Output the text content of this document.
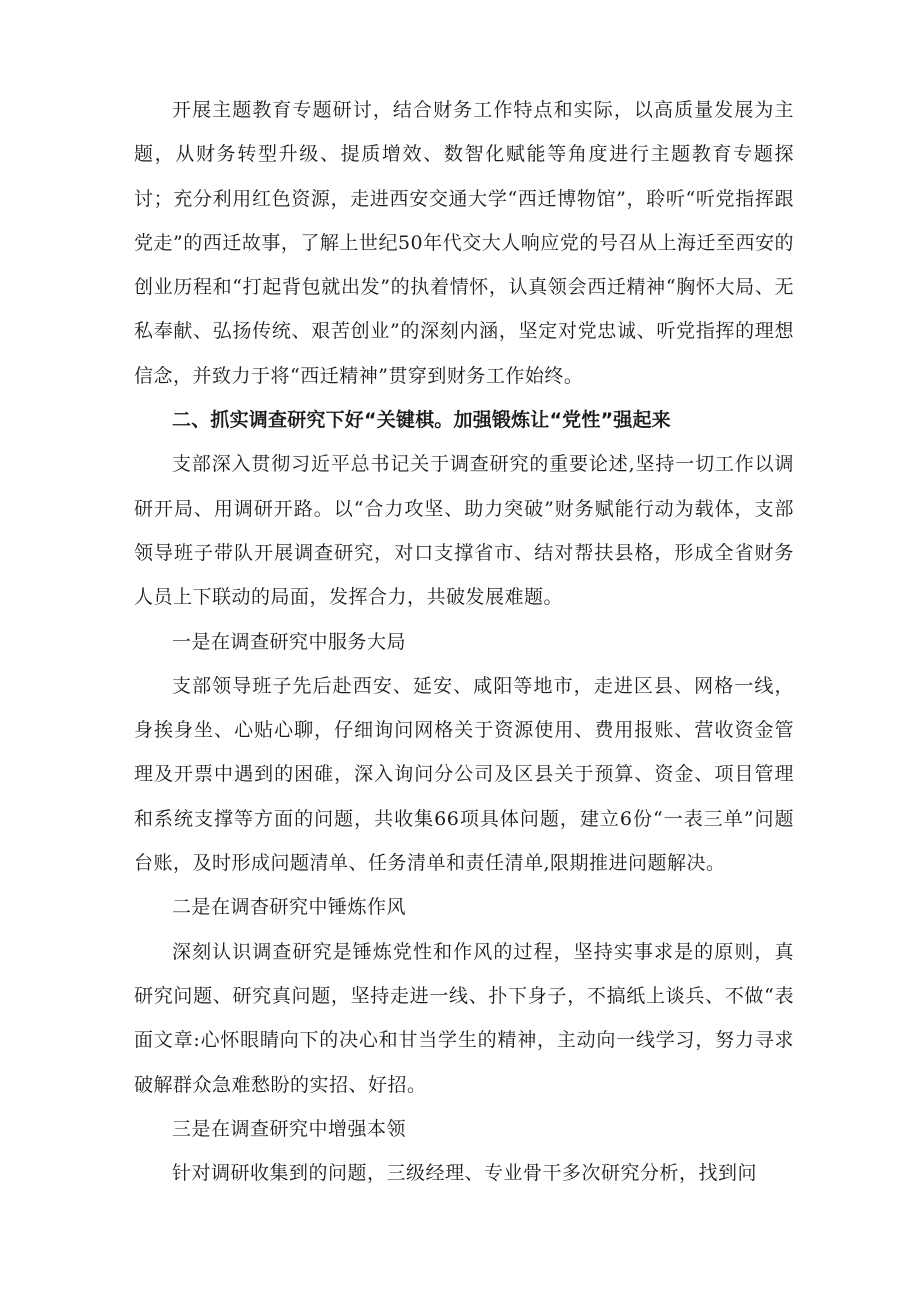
开展主题教育专题研讨，结合财务工作特点和实际，以高质量发展为主题，从财务转型升级、提质增效、数智化赋能等角度进行主题教育专题探讨；充分利用红色资源，走进西安交通大学“西迁博物馆”，聆听“听党指挥跟党走”的西迁故事，了解上世纪50年代交大人响应党的号召从上海迁至西安的创业历程和“打起背包就出发”的执着情怀，认真领会西迁精神“胸怀大局、无私奉献、弘扬传统、艰苦创业”的深刻内涵，坚定对党忠诚、听党指挥的理想信念，并致力于将“西迁精神”贯穿到财务工作始终。

二、抓实调查研究下好“关键棋。加强锻炼让“党性”强起来

支部深入贯彻习近平总书记关于调查研究的重要论述,坚持一切工作以调研开局、用调研开路。以“合力攻坚、助力突破”财务赋能行动为载体，支部领导班子带队开展调查研究，对口支撑省市、结对帮扶县格，形成全省财务人员上下联动的局面，发挥合力，共破发展难题。

一是在调查研究中服务大局

支部领导班子先后赴西安、延安、咸阳等地市，走进区县、网格一线，身挨身坐、心贴心聊，仔细询问网格关于资源使用、费用报账、营收资金管理及开票中遇到的困碓，深入询问分公司及区县关于预算、资金、项目管理和系统支撑等方面的问题，共收集66项具体问题，建立6份“一表三单”问题台账，及时形成问题清单、任务清单和责任清单,限期推进问题解决。

二是在调杳研究中锤炼作风

深刻认识调查研究是锤炼党性和作风的过程，坚持实事求是的原则，真研究问题、研究真问题，坚持走进一线、扑下身子，不搞纸上谈兵、不做“表面文章:心怀眼睛向下的决心和甘当学生的精神，主动向一线学习，努力寻求破解群众急难愁盼的实招、好招。

三是在调查研究中增强本领

针对调研收集到的问题，三级经理、专业骨干多次研究分析，找到问
